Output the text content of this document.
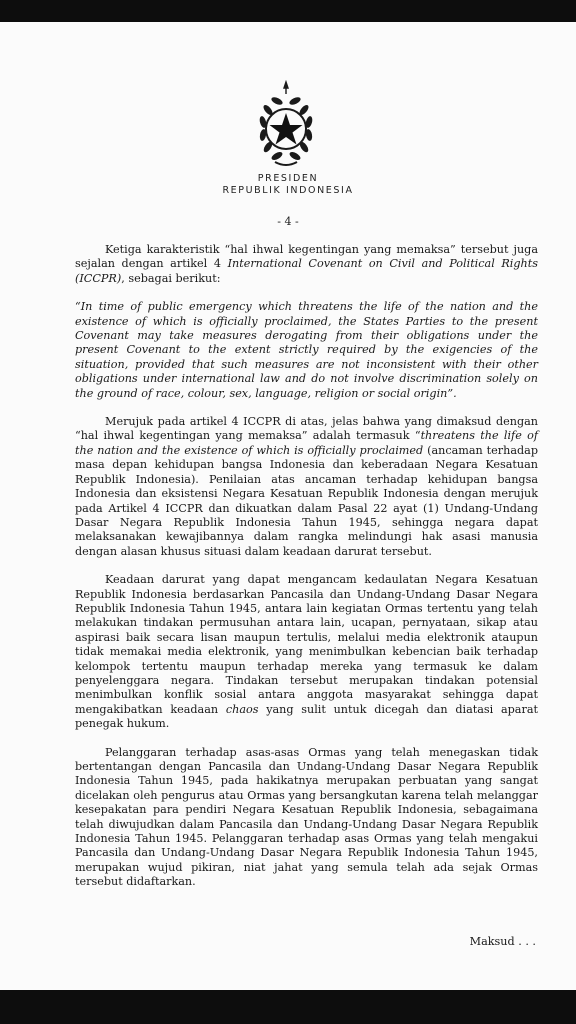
PRESIDEN
REPUBLIK INDONESIA
- 4 -

Ketiga karakteristik “hal ihwal kegentingan yang memaksa” tersebut juga sejalan dengan artikel 4 International Covenant on Civil and Political Rights (ICCPR), sebagai berikut:

“In time of public emergency which threatens the life of the nation and the existence of which is officially proclaimed, the States Parties to the present Covenant may take measures derogating from their obligations under the present Covenant to the extent strictly required by the exigencies of the situation, provided that such measures are not inconsistent with their other obligations under international law and do not involve discrimination solely on the ground of race, colour, sex, language, religion or social origin”.

Merujuk pada artikel 4 ICCPR di atas, jelas bahwa yang dimaksud dengan “hal ihwal kegentingan yang memaksa” adalah termasuk “threatens the life of the nation and the existence of which is officially proclaimed (ancaman terhadap masa depan kehidupan bangsa Indonesia dan keberadaan Negara Kesatuan Republik Indonesia). Penilaian atas ancaman terhadap kehidupan bangsa Indonesia dan eksistensi Negara Kesatuan Republik Indonesia dengan merujuk pada Artikel 4 ICCPR dan dikuatkan dalam Pasal 22 ayat (1) Undang-Undang Dasar Negara Republik Indonesia Tahun 1945, sehingga negara dapat melaksanakan kewajibannya dalam rangka melindungi hak asasi manusia dengan alasan khusus situasi dalam keadaan darurat tersebut.

Keadaan darurat yang dapat mengancam kedaulatan Negara Kesatuan Republik Indonesia berdasarkan Pancasila dan Undang-Undang Dasar Negara Republik Indonesia Tahun 1945, antara lain kegiatan Ormas tertentu yang telah melakukan tindakan permusuhan antara lain, ucapan, pernyataan, sikap atau aspirasi baik secara lisan maupun tertulis, melalui media elektronik ataupun tidak memakai media elektronik, yang menimbulkan kebencian baik terhadap kelompok tertentu maupun terhadap mereka yang termasuk ke dalam penyelenggara negara. Tindakan tersebut merupakan tindakan potensial menimbulkan konflik sosial antara anggota masyarakat sehingga dapat mengakibatkan keadaan chaos yang sulit untuk dicegah dan diatasi aparat penegak hukum.

Pelanggaran terhadap asas-asas Ormas yang telah menegaskan tidak bertentangan dengan Pancasila dan Undang-Undang Dasar Negara Republik Indonesia Tahun 1945, pada hakikatnya merupakan perbuatan yang sangat dicelakan oleh pengurus atau Ormas yang bersangkutan karena telah melanggar kesepakatan para pendiri Negara Kesatuan Republik Indonesia, sebagaimana telah diwujudkan dalam Pancasila dan Undang-Undang Dasar Negara Republik Indonesia Tahun 1945. Pelanggaran terhadap asas Ormas yang telah mengakui Pancasila dan Undang-Undang Dasar Negara Republik Indonesia Tahun 1945, merupakan wujud pikiran, niat jahat yang semula telah ada sejak Ormas tersebut didaftarkan.

Maksud . . .
